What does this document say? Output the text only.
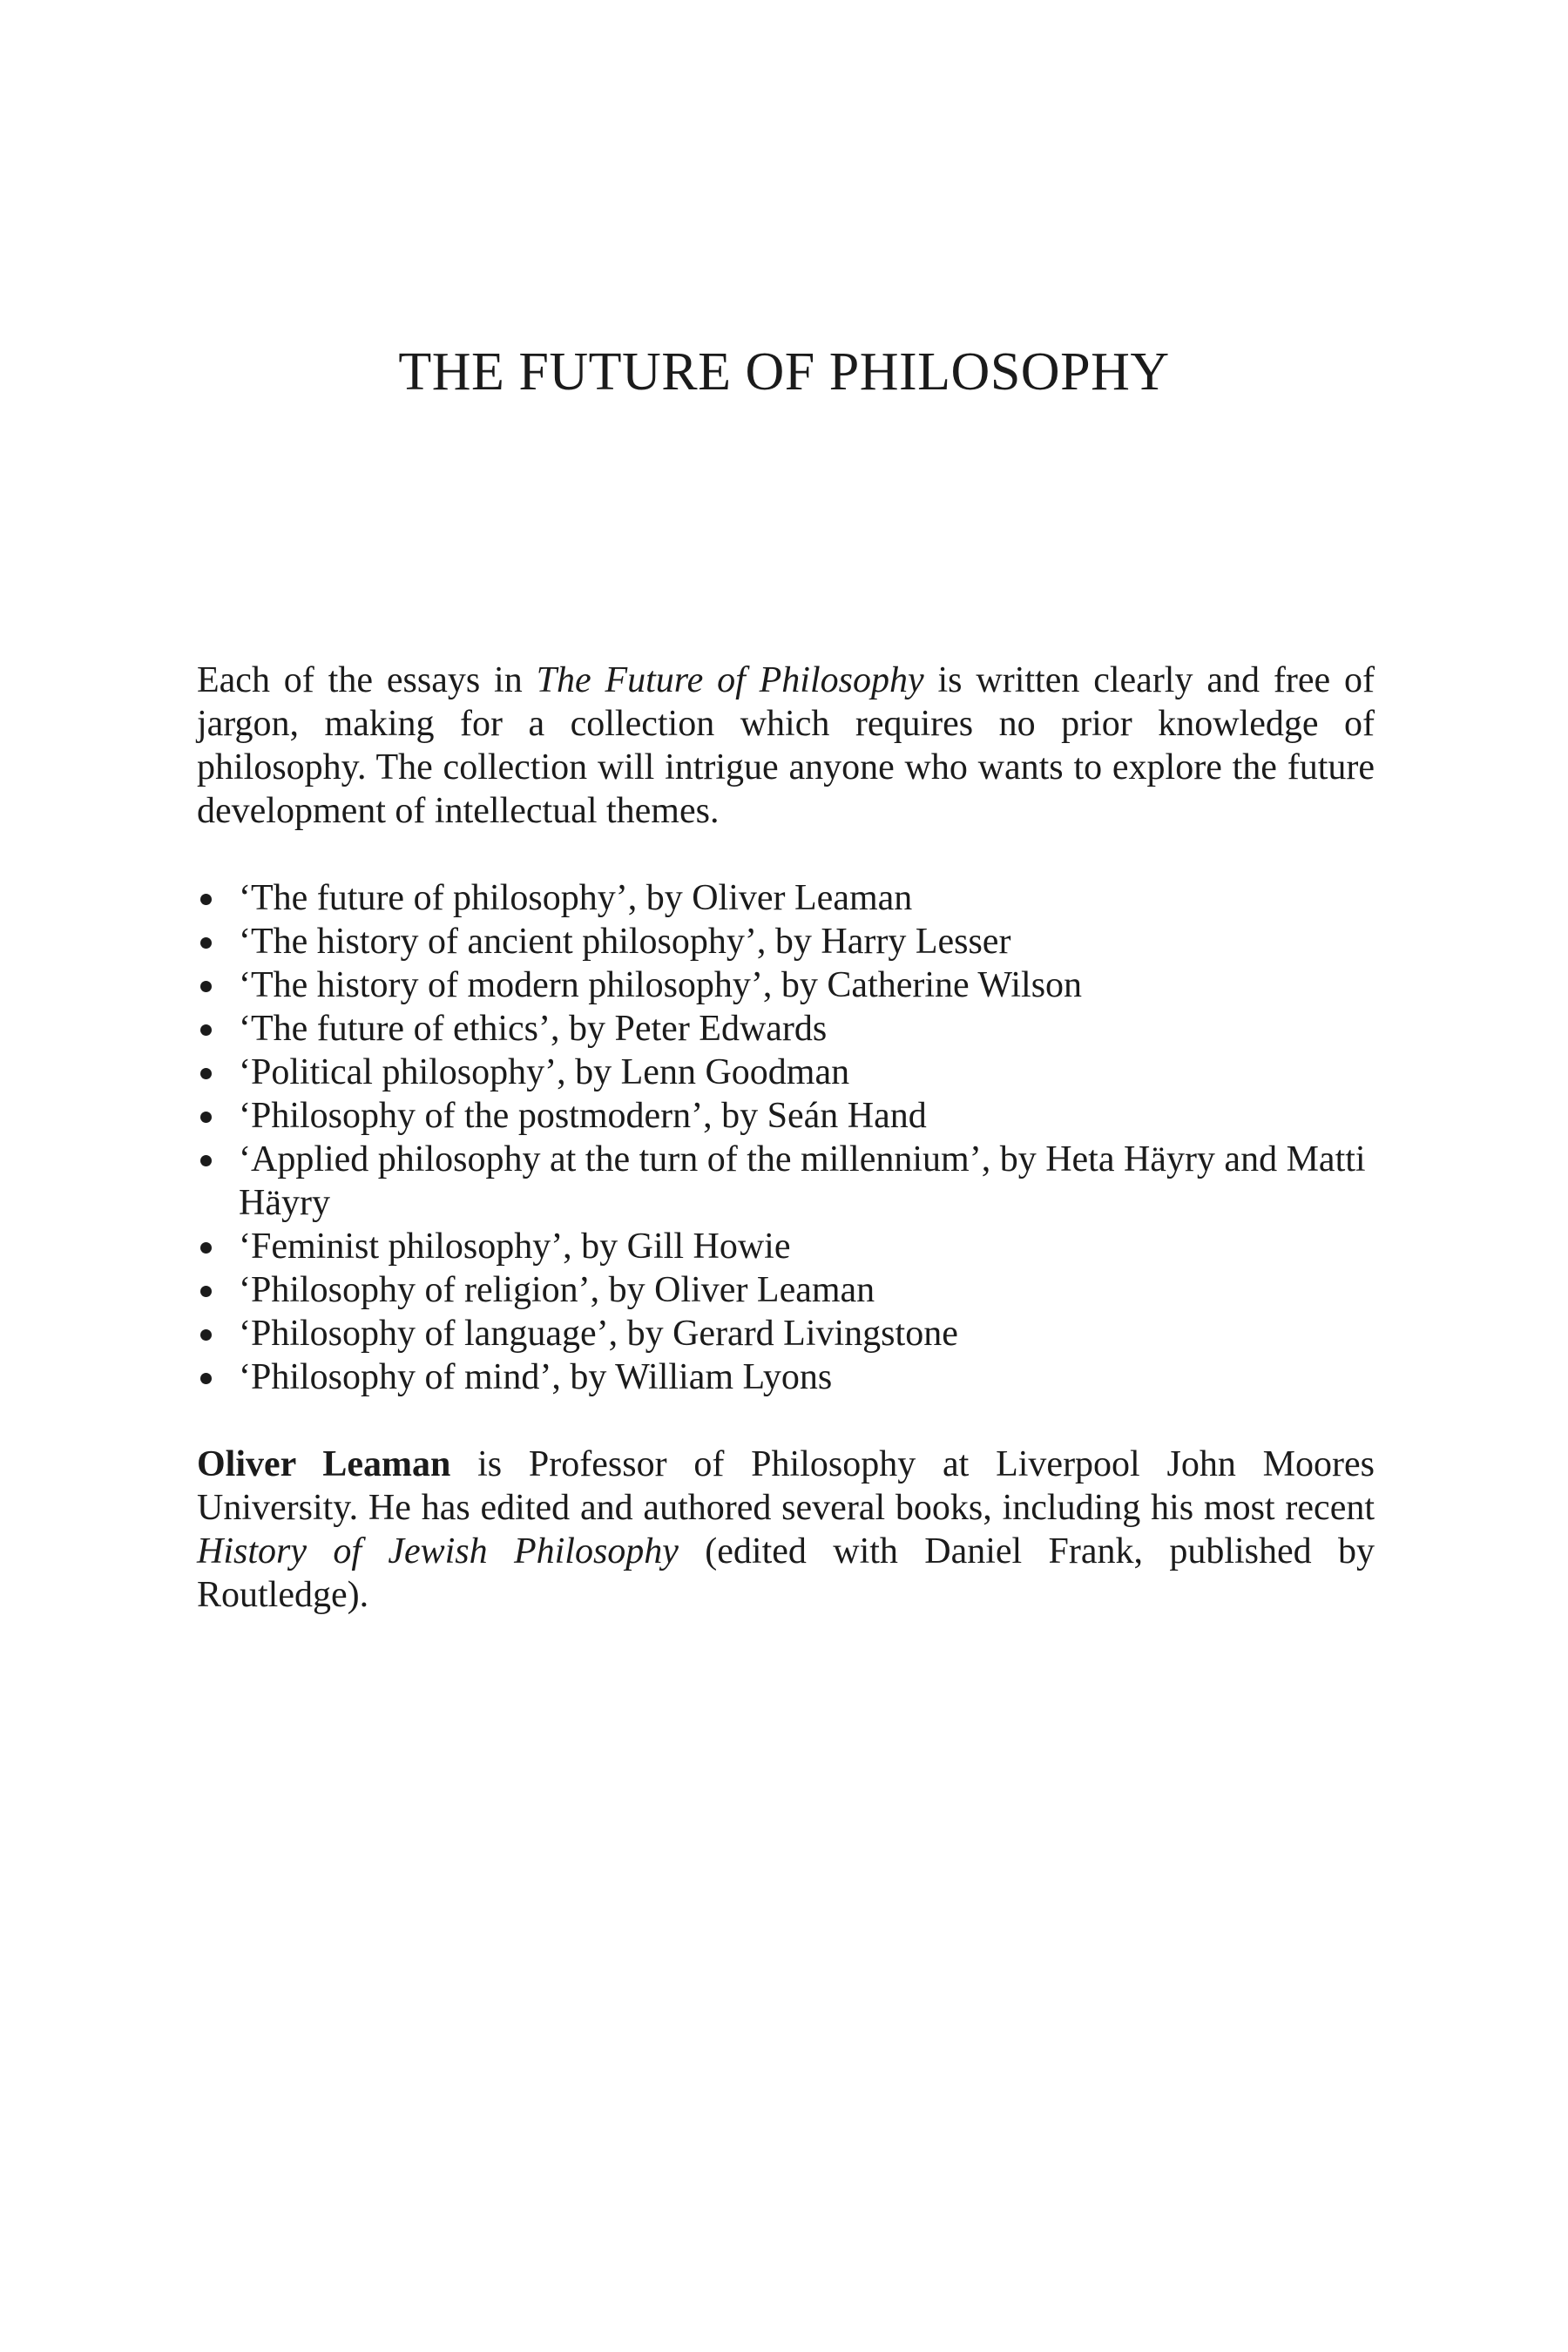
THE FUTURE OF PHILOSOPHY

Each of the essays in The Future of Philosophy is written clearly and free of jargon, making for a collection which requires no prior knowledge of philosophy. The collection will intrigue anyone who wants to explore the future development of intellectual themes.

‘The future of philosophy’, by Oliver Leaman
‘The history of ancient philosophy’, by Harry Lesser
‘The history of modern philosophy’, by Catherine Wilson
‘The future of ethics’, by Peter Edwards
‘Political philosophy’, by Lenn Goodman
‘Philosophy of the postmodern’, by Seán Hand
‘Applied philosophy at the turn of the millennium’, by Heta Häyry and Matti Häyry
‘Feminist philosophy’, by Gill Howie
‘Philosophy of religion’, by Oliver Leaman
‘Philosophy of language’, by Gerard Livingstone
‘Philosophy of mind’, by William Lyons

Oliver Leaman is Professor of Philosophy at Liverpool John Moores University. He has edited and authored several books, including his most recent History of Jewish Philosophy (edited with Daniel Frank, published by Routledge).
